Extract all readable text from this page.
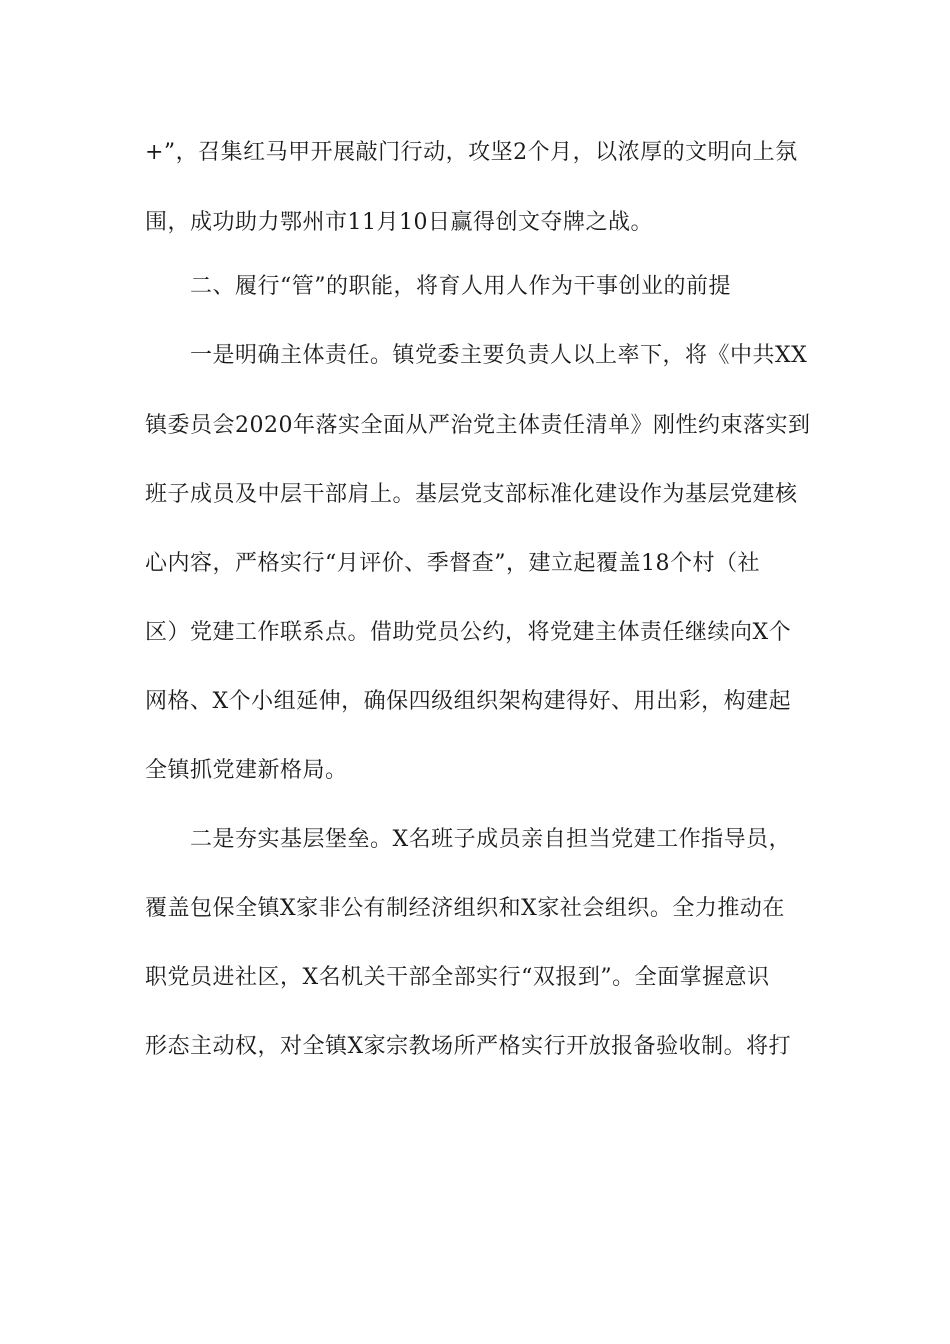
+”，召集红马甲开展敲门行动，攻坚2个月，以浓厚的文明向上氛
围，成功助力鄂州市11月10日赢得创文夺牌之战。
二、履行“管”的职能，将育人用人作为干事创业的前提
一是明确主体责任。镇党委主要负责人以上率下，将《中共XX
镇委员会2020年落实全面从严治党主体责任清单》刚性约束落实到
班子成员及中层干部肩上。基层党支部标准化建设作为基层党建核
心内容，严格实行“月评价、季督查”，建立起覆盖18个村（社
区）党建工作联系点。借助党员公约，将党建主体责任继续向X个
网格、X个小组延伸，确保四级组织架构建得好、用出彩，构建起
全镇抓党建新格局。
二是夯实基层堡垒。X名班子成员亲自担当党建工作指导员，
覆盖包保全镇X家非公有制经济组织和X家社会组织。全力推动在
职党员进社区，X名机关干部全部实行“双报到”。全面掌握意识
形态主动权，对全镇X家宗教场所严格实行开放报备验收制。将打
